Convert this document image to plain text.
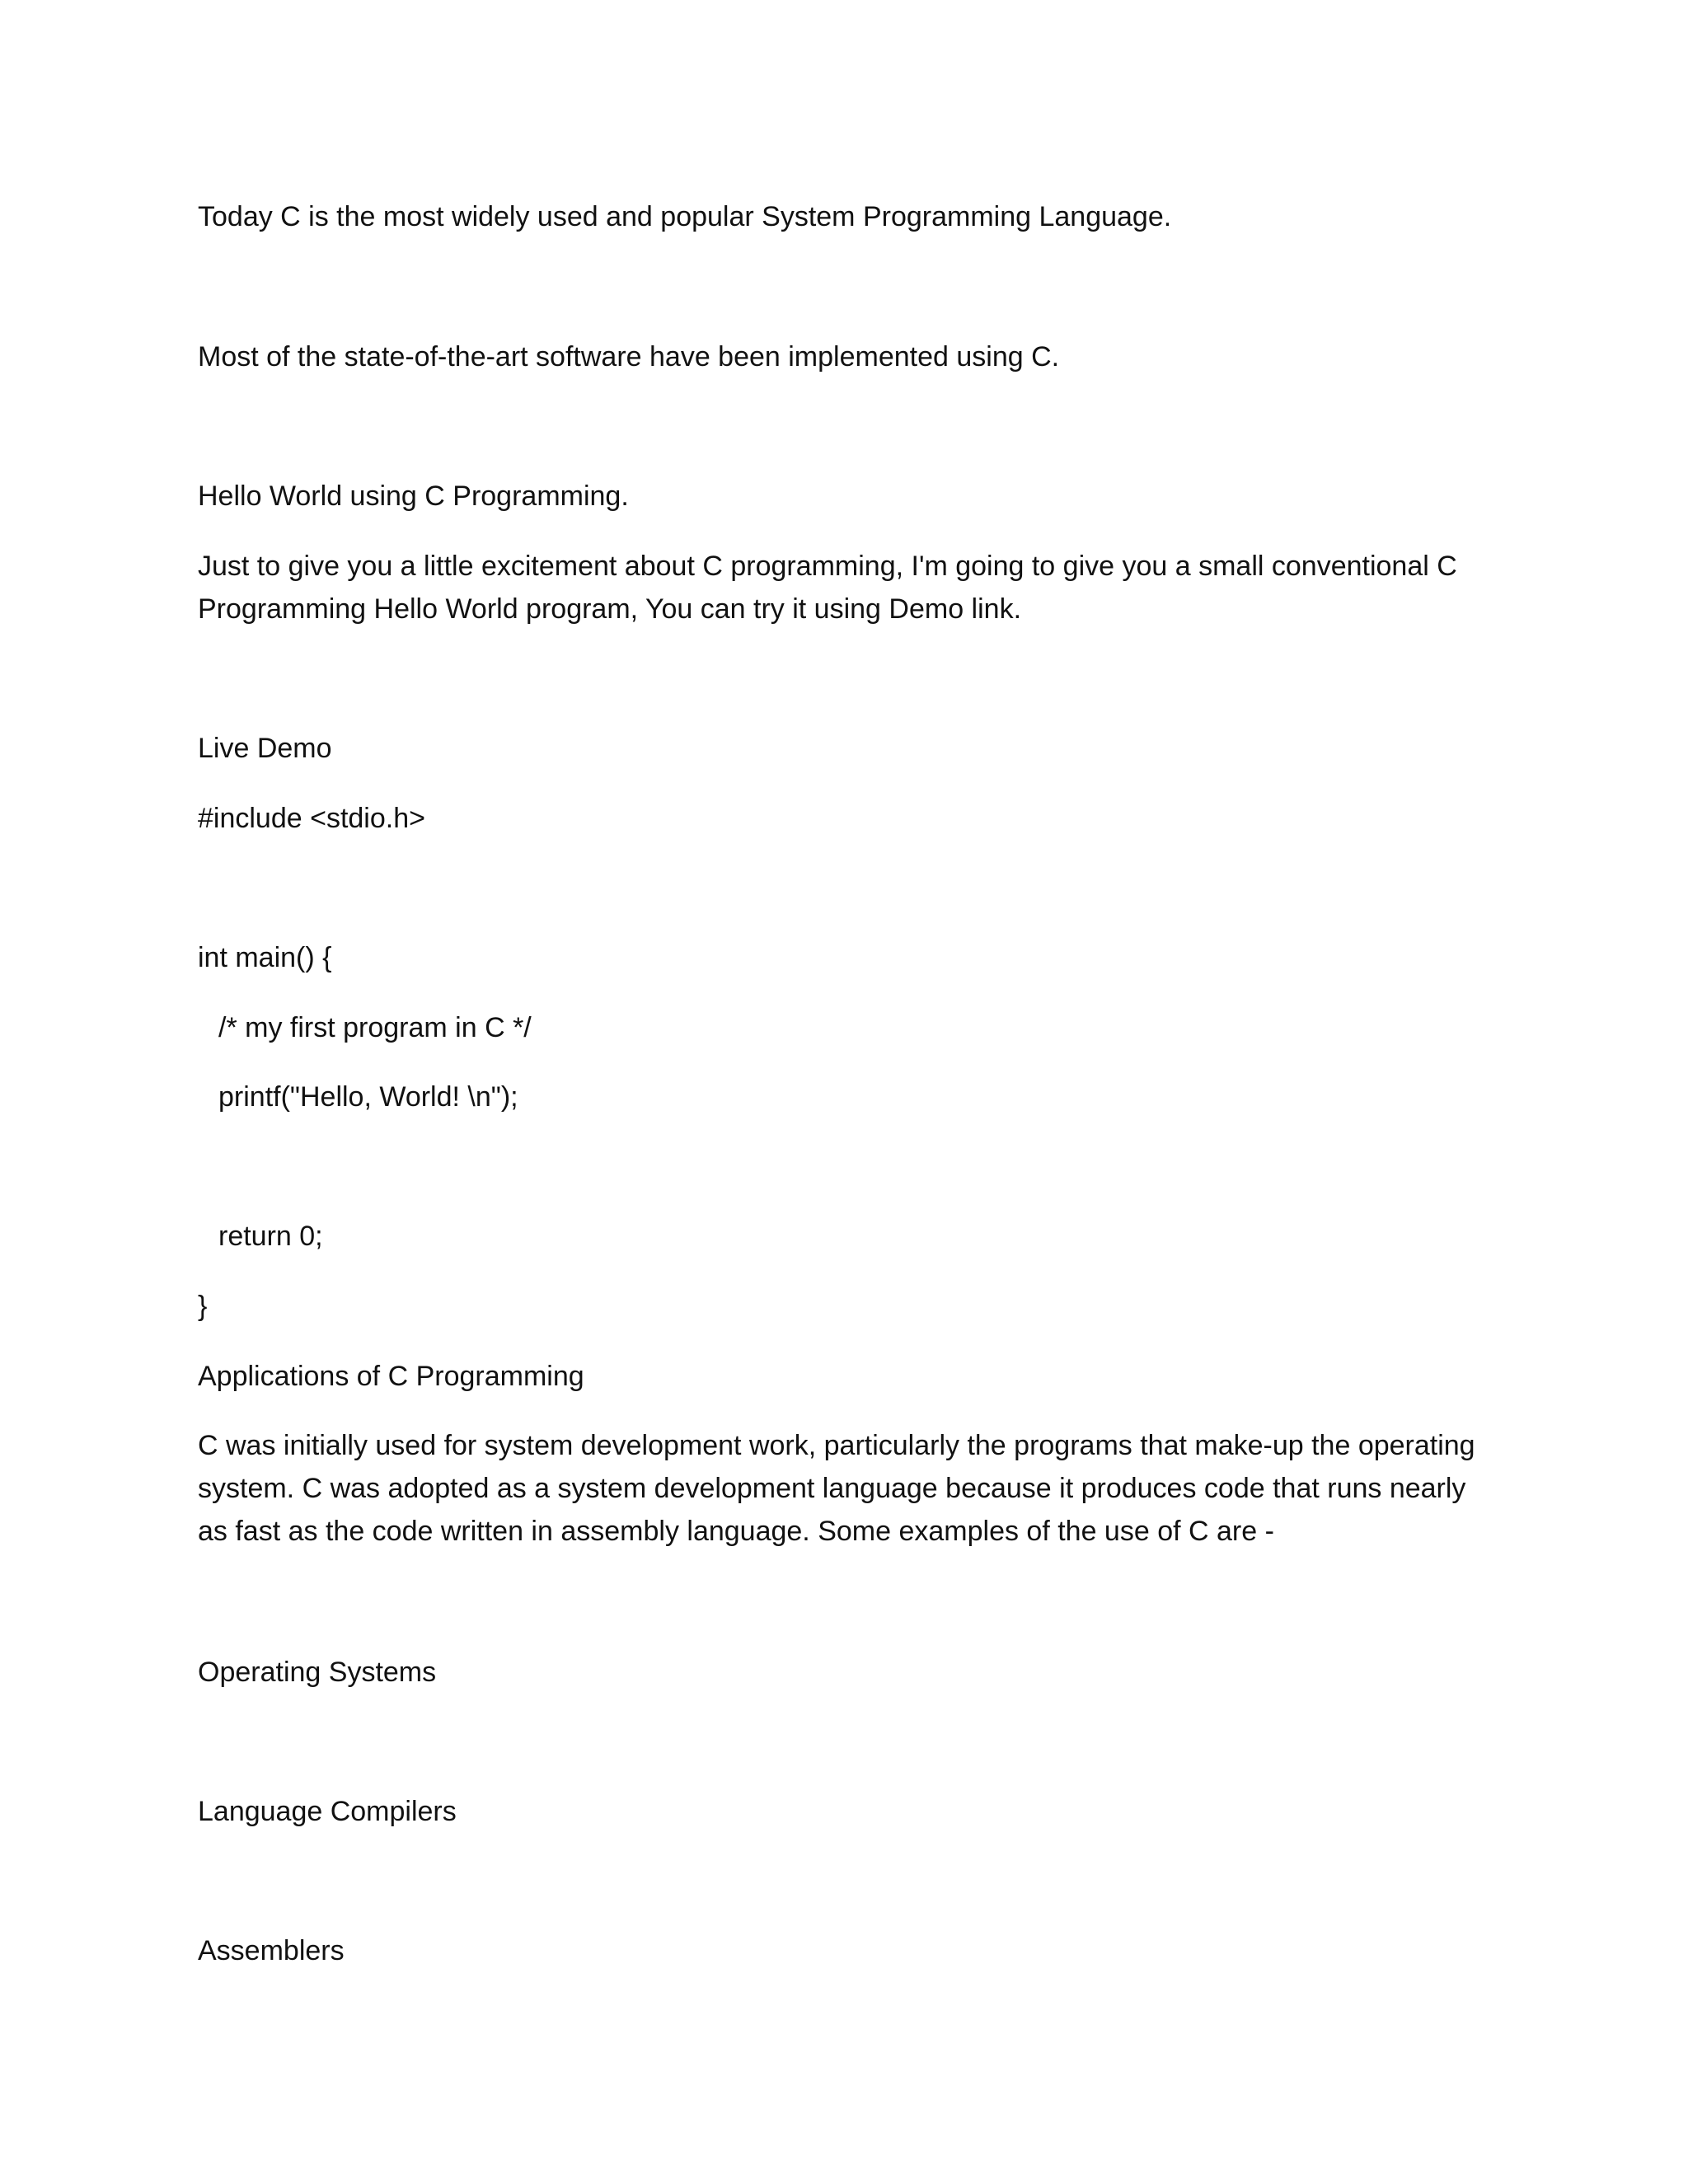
Today C is the most widely used and popular System Programming Language.

Most of the state-of-the-art software have been implemented using C.

Hello World using C Programming.

Just to give you a little excitement about C programming, I'm going to give you a small conventional C Programming Hello World program, You can try it using Demo link.

Live Demo

#include <stdio.h>

int main() {

/* my first program in C */

printf("Hello, World! \n");

return 0;

}

Applications of C Programming

C was initially used for system development work, particularly the programs that make-up the operating system. C was adopted as a system development language because it produces code that runs nearly as fast as the code written in assembly language. Some examples of the use of C are -

Operating Systems

Language Compilers

Assemblers
